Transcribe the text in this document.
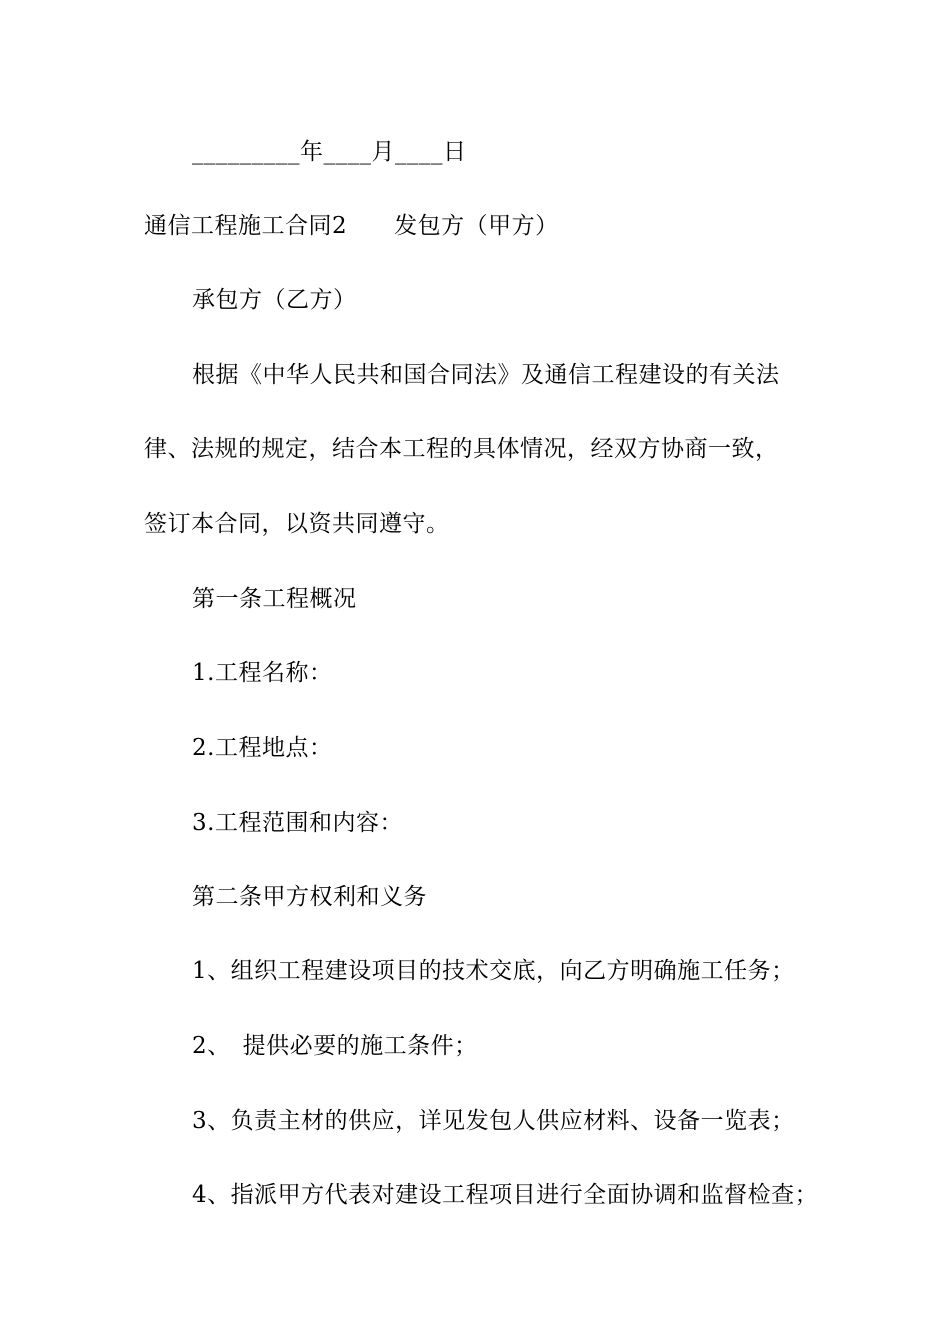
_________年____月____日
通信工程施工合同2　　发包方（甲方）
承包方（乙方）
根据《中华人民共和国合同法》及通信工程建设的有关法
律、法规的规定，结合本工程的具体情况，经双方协商一致，
签订本合同，以资共同遵守。
第一条工程概况
1.工程名称：
2.工程地点：
3.工程范围和内容：
第二条甲方权利和义务
1、组织工程建设项目的技术交底，向乙方明确施工任务；
2、　提供必要的施工条件；
3、负责主材的供应，详见发包人供应材料、设备一览表；
4、指派甲方代表对建设工程项目进行全面协调和监督检查；
